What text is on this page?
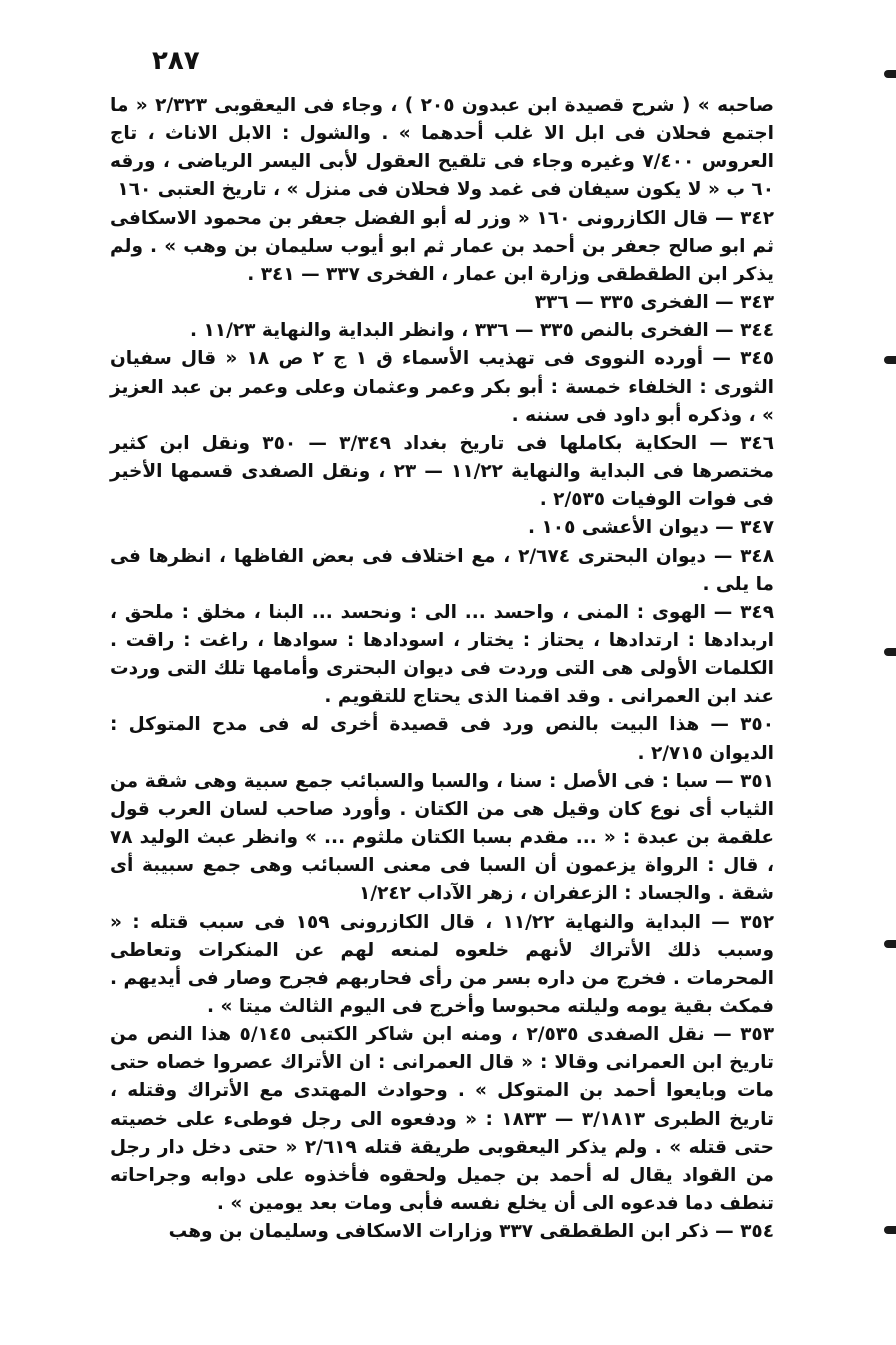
٢٨٧

صاحبه » ( شرح قصيدة ابن عبدون ٢٠٥ ) ، وجاء فى اليعقوبى ٢/٣٢٣ « ما اجتمع فحلان فى ابل الا غلب أحدهما » . والشول : الابل الاناث ، تاج العروس ٧/٤٠٠ وغيره وجاء فى تلقيح العقول لأبى اليسر الرياضى ، ورقه ٦٠ ب « لا يكون سيفان فى غمد ولا فحلان فى منزل » ، تاريخ العتبى ١٦٠

٣٤٢ — قال الكازرونى ١٦٠ « وزر له أبو الفضل جعفر بن محمود الاسكافى ثم ابو صالح جعفر بن أحمد بن عمار ثم ابو أيوب سليمان بن وهب » . ولم يذكر ابن الطقطقى وزارة ابن عمار ، الفخرى ٣٣٧ — ٣٤١ .

٣٤٣ — الفخرى ٣٣٥ — ٣٣٦

٣٤٤ — الفخرى بالنص ٣٣٥ — ٣٣٦ ، وانظر البداية والنهاية ١١/٢٣ .

٣٤٥ — أورده النووى فى تهذيب الأسماء ق ١ ج ٢ ص ١٨ « قال سفيان الثورى : الخلفاء خمسة : أبو بكر وعمر وعثمان وعلى وعمر بن عبد العزيز » ، وذكره أبو داود فى سننه .

٣٤٦ — الحكاية بكاملها فى تاريخ بغداد ٣/٣٤٩ — ٣٥٠ ونقل ابن كثير مختصرها فى البداية والنهاية ١١/٢٢ — ٢٣ ، ونقل الصفدى قسمها الأخير فى فوات الوفيات ٢/٥٣٥ .

٣٤٧ — ديوان الأعشى ١٠٥ .

٣٤٨ — ديوان البحترى ٢/٦٧٤ ، مع اختلاف فى بعض الفاظها ، انظرها فى ما يلى .

٣٤٩ — الهوى : المنى ، واحسد ... الى : ونحسد ... البنا ، مخلق : ملحق ، اربدادها : ارتدادها ، يحتاز : يختار ، اسودادها : سوادها ، راغت : راقت . الكلمات الأولى هى التى وردت فى ديوان البحترى وأمامها تلك التى وردت عند ابن العمرانى . وقد اقمنا الذى يحتاج للتقويم .

٣٥٠ — هذا البيت بالنص ورد فى قصيدة أخرى له فى مدح المتوكل : الديوان ٢/٧١٥ .

٣٥١ — سبا : فى الأصل : سنا ، والسبا والسبائب جمع سبية وهى شقة من الثياب أى نوع كان وقيل هى من الكتان . وأورد صاحب لسان العرب قول علقمة بن عبدة : « ... مقدم بسبا الكتان ملثوم ... » وانظر عبث الوليد ٧٨ ، قال : الرواة يزعمون أن السبا فى معنى السبائب وهى جمع سبيبة أى شقة . والجساد : الزعفران ، زهر الآداب ١/٢٤٢

٣٥٢ — البداية والنهاية ١١/٢٢ ، قال الكازرونى ١٥٩ فى سبب قتله : « وسبب ذلك الأتراك لأنهم خلعوه لمنعه لهم عن المنكرات وتعاطى المحرمات . فخرج من داره بسر من رأى فحاربهم فجرح وصار فى أيديهم . فمكث بقية يومه وليلته محبوسا وأخرج فى اليوم الثالث ميتا » .

٣٥٣ — نقل الصفدى ٢/٥٣٥ ، ومنه ابن شاكر الكتبى ٥/١٤٥ هذا النص من تاريخ ابن العمرانى وقالا : « قال العمرانى : ان الأتراك عصروا خصاه حتى مات وبايعوا أحمد بن المتوكل » . وحوادث المهتدى مع الأتراك وقتله ، تاريخ الطبرى ٣/١٨١٣ — ١٨٣٣ : « ودفعوه الى رجل فوطىء على خصيته حتى قتله » . ولم يذكر اليعقوبى طريقة قتله ٢/٦١٩ « حتى دخل دار رجل من القواد يقال له أحمد بن جميل ولحقوه فأخذوه على دوابه وجراحاته تنطف دما فدعوه الى أن يخلع نفسه فأبى ومات بعد يومين » .

٣٥٤ — ذكر ابن الطقطقى ٣٣٧ وزارات الاسكافى وسليمان بن وهب
